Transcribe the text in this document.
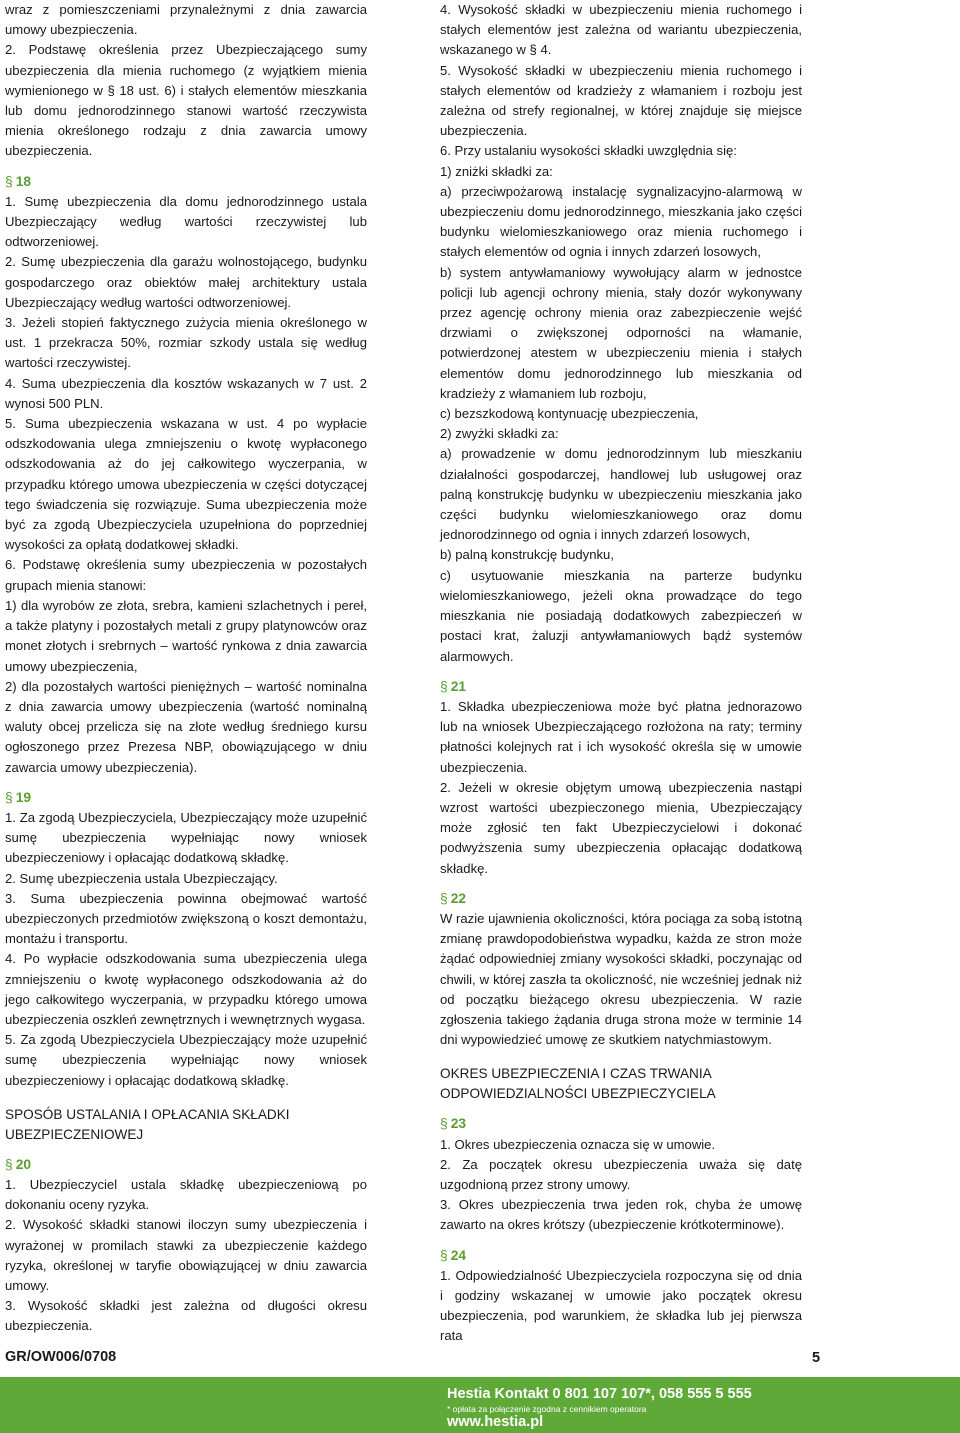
wraz z pomieszczeniami przynależnymi z dnia zawarcia umowy ubezpieczenia.

2. Podstawę określenia przez Ubezpieczającego sumy ubezpieczenia dla mienia ruchomego (z wyjątkiem mienia wymienionego w § 18 ust. 6) i stałych elementów mieszkania lub domu jednorodzinnego stanowi wartość rzeczywista mienia określonego rodzaju z dnia zawarcia umowy ubezpieczenia.

§ 18

1. Sumę ubezpieczenia dla domu jednorodzinnego ustala Ubezpieczający według wartości rzeczywistej lub odtworzeniowej.

2. Sumę ubezpieczenia dla garażu wolnostojącego, budynku gospodarczego oraz obiektów małej architektury ustala Ubezpieczający według wartości odtworzeniowej.

3. Jeżeli stopień faktycznego zużycia mienia określonego w ust. 1 przekracza 50%, rozmiar szkody ustala się według wartości rzeczywistej.

4. Suma ubezpieczenia dla kosztów wskazanych w 7 ust. 2 wynosi 500 PLN.

5. Suma ubezpieczenia wskazana w ust. 4 po wypłacie odszkodowania ulega zmniejszeniu o kwotę wypłaconego odszkodowania aż do jej całkowitego wyczerpania, w przypadku którego umowa ubezpieczenia w części dotyczącej tego świadczenia się rozwiązuje. Suma ubezpieczenia może być za zgodą Ubezpieczyciela uzupełniona do poprzedniej wysokości za opłatą dodatkowej składki.

6. Podstawę określenia sumy ubezpieczenia w pozostałych grupach mienia stanowi:

1) dla wyrobów ze złota, srebra, kamieni szlachetnych i pereł, a także platyny i pozostałych metali z grupy platynowców oraz monet złotych i srebrnych – wartość rynkowa z dnia zawarcia umowy ubezpieczenia,

2) dla pozostałych wartości pieniężnych – wartość nominalna z dnia zawarcia umowy ubezpieczenia (wartość nominalną waluty obcej przelicza się na złote według średniego kursu ogłoszonego przez Prezesa NBP, obowiązującego w dniu zawarcia umowy ubezpieczenia).

§ 19

1. Za zgodą Ubezpieczyciela, Ubezpieczający może uzupełnić sumę ubezpieczenia wypełniając nowy wniosek ubezpieczeniowy i opłacając dodatkową składkę.

2. Sumę ubezpieczenia ustala Ubezpieczający.

3. Suma ubezpieczenia powinna obejmować wartość ubezpieczonych przedmiotów zwiększoną o koszt demontażu, montażu i transportu.

4. Po wypłacie odszkodowania suma ubezpieczenia ulega zmniejszeniu o kwotę wypłaconego odszkodowania aż do jego całkowitego wyczerpania, w przypadku którego umowa ubezpieczenia oszkleń zewnętrznych i wewnętrznych wygasa.

5. Za zgodą Ubezpieczyciela Ubezpieczający może uzupełnić sumę ubezpieczenia wypełniając nowy wniosek ubezpieczeniowy i opłacając dodatkową składkę.

SPOSÓB USTALANIA I OPŁACANIA SKŁADKI UBEZPIECZENIOWEJ
§ 20

1. Ubezpieczyciel ustala składkę ubezpieczeniową po dokonaniu oceny ryzyka.

2. Wysokość składki stanowi iloczyn sumy ubezpieczenia i wyrażonej w promilach stawki za ubezpieczenie każdego ryzyka, określonej w taryfie obowiązującej w dniu zawarcia umowy.

3. Wysokość składki jest zależna od długości okresu ubezpieczenia.

4. Wysokość składki w ubezpieczeniu mienia ruchomego i stałych elementów jest zależna od wariantu ubezpieczenia, wskazanego w § 4.

5. Wysokość składki w ubezpieczeniu mienia ruchomego i stałych elementów od kradzieży z włamaniem i rozboju jest zależna od strefy regionalnej, w której znajduje się miejsce ubezpieczenia.

6. Przy ustalaniu wysokości składki uwzględnia się:

1) zniżki składki za:

a) przeciwpożarową instalację sygnalizacyjno-alarmową w ubezpieczeniu domu jednorodzinnego, mieszkania jako części budynku wielomieszkaniowego oraz mienia ruchomego i stałych elementów od ognia i innych zdarzeń losowych,

b) system antywłamaniowy wywołujący alarm w jednostce policji lub agencji ochrony mienia, stały dozór wykonywany przez agencję ochrony mienia oraz zabezpieczenie wejść drzwiami o zwiększonej odporności na włamanie, potwierdzonej atestem w ubezpieczeniu mienia i stałych elementów domu jednorodzinnego lub mieszkania od kradzieży z włamaniem lub rozboju,

c) bezszkodową kontynuację ubezpieczenia,

2) zwyżki składki za:

a) prowadzenie w domu jednorodzinnym lub mieszkaniu działalności gospodarczej, handlowej lub usługowej oraz palną konstrukcję budynku w ubezpieczeniu mieszkania jako części budynku wielomieszkaniowego oraz domu jednorodzinnego od ognia i innych zdarzeń losowych,

b) palną konstrukcję budynku,

c) usytuowanie mieszkania na parterze budynku wielomieszkaniowego, jeżeli okna prowadzące do tego mieszkania nie posiadają dodatkowych zabezpieczeń w postaci krat, żaluzji antywłamaniowych bądź systemów alarmowych.

§ 21

1. Składka ubezpieczeniowa może być płatna jednorazowo lub na wniosek Ubezpieczającego rozłożona na raty; terminy płatności kolejnych rat i ich wysokość określa się w umowie ubezpieczenia.

2. Jeżeli w okresie objętym umową ubezpieczenia nastąpi wzrost wartości ubezpieczonego mienia, Ubezpieczający może zgłosić ten fakt Ubezpieczycielowi i dokonać podwyższenia sumy ubezpieczenia opłacając dodatkową składkę.

§ 22

W razie ujawnienia okoliczności, która pociąga za sobą istotną zmianę prawdopodobieństwa wypadku, każda ze stron może żądać odpowiedniej zmiany wysokości składki, poczynając od chwili, w której zaszła ta okoliczność, nie wcześniej jednak niż od początku bieżącego okresu ubezpieczenia. W razie zgłoszenia takiego żądania druga strona może w terminie 14 dni wypowiedzieć umowę ze skutkiem natychmiastowym.

OKRES UBEZPIECZENIA I CZAS TRWANIA ODPOWIEDZIALNOŚCI UBEZPIECZYCIELA
§ 23

1. Okres ubezpieczenia oznacza się w umowie.

2. Za początek okresu ubezpieczenia uważa się datę uzgodnioną przez strony umowy.

3. Okres ubezpieczenia trwa jeden rok, chyba że umowę zawarto na okres krótszy (ubezpieczenie krótkoterminowe).

§ 24

1. Odpowiedzialność Ubezpieczyciela rozpoczyna się od dnia i godziny wskazanej w umowie jako początek okresu ubezpieczenia, pod warunkiem, że składka lub jej pierwsza rata

GR/OW006/0708	5
Hestia Kontakt 0 801 107 107*, 058 555 5 555
* opłata za połączenie zgodna z cennikiem operatora
www.hestia.pl
